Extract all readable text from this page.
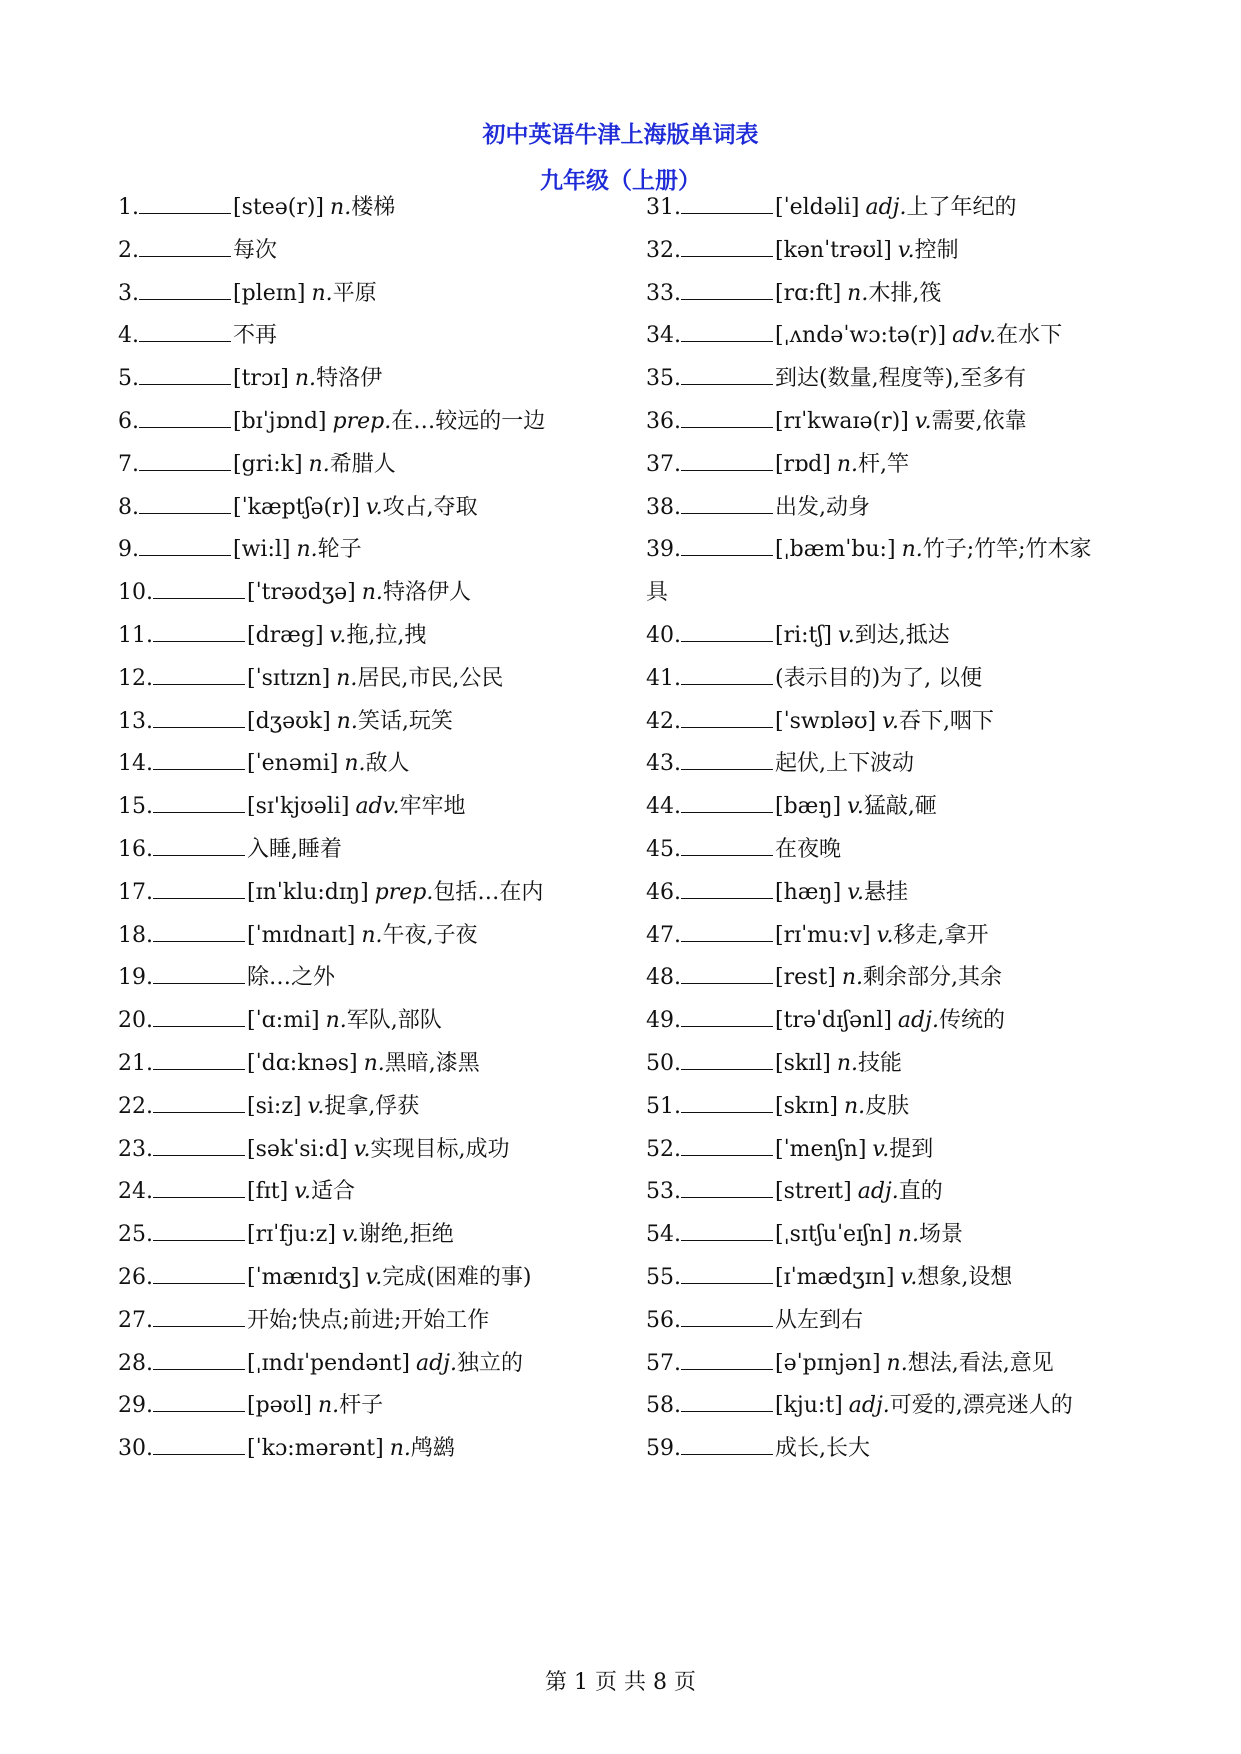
初中英语牛津上海版单词表
九年级（上册）
1.	[steə(r)] n.楼梯
2.	每次
3.	[pleɪn] n.平原
4.	不再
5.	[trɔɪ] n.特洛伊
6.	[bɪˈjɒnd] prep.在…较远的一边
7.	[gri:k] n.希腊人
8.	[ˈkæptʃə(r)] v.攻占,夺取
9.	[wi:l] n.轮子
10.	[ˈtrəʊdʒə] n.特洛伊人
11.	[dræg] v.拖,拉,拽
12.	[ˈsɪtɪzn] n.居民,市民,公民
13.	[dʒəʊk] n.笑话,玩笑
14.	[ˈenəmi] n.敌人
15.	[sɪ'kjʊəli] adv.牢牢地
16.	入睡,睡着
17.	[ɪnˈklu:dɪŋ] prep.包括…在内
18.	[ˈmɪdnaɪt] n.午夜,子夜
19.	除…之外
20.	[ˈɑ:mi] n.军队,部队
21.	[ˈdɑ:knəs] n.黑暗,漆黑
22.	[si:z] v.捉拿,俘获
23.	[səkˈsi:d] v.实现目标,成功
24.	[fɪt] v.适合
25.	[rɪˈfju:z] v.谢绝,拒绝
26.	[ˈmænɪdʒ] v.完成(困难的事)
27.	开始;快点;前进;开始工作
28.	[ˌɪndɪˈpendənt] adj.独立的
29.	[pəʊl] n.杆子
30.	[ˈkɔ:mərənt] n.鸬鹚
31.	[ˈeldəli] adj.上了年纪的
32.	[kənˈtrəʊl] v.控制
33.	[rɑ:ft] n.木排,筏
34.	[ˌʌndəˈwɔ:tə(r)] adv.在水下
35.	到达(数量,程度等),至多有
36.	[rɪˈkwaɪə(r)] v.需要,依靠
37.	[rɒd] n.杆,竿
38.	出发,动身
39.	[ˌbæmˈbu:] n.竹子;竹竿;竹木家具
40.	[ri:tʃ] v.到达,抵达
41.	(表示目的)为了, 以便
42.	[ˈswɒləʊ] v.吞下,咽下
43.	起伏,上下波动
44.	[bæŋ] v.猛敲,砸
45.	在夜晚
46.	[hæŋ] v.悬挂
47.	[rɪˈmu:v] v.移走,拿开
48.	[rest] n.剩余部分,其余
49.	[trəˈdɪʃənl] adj.传统的
50.	[skɪl] n.技能
51.	[skɪn] n.皮肤
52.	[ˈmenʃn] v.提到
53.	[streɪt] adj.直的
54.	[ˌsɪtʃuˈeɪʃn] n.场景
55.	[ɪˈmædʒɪn] v.想象,设想
56.	从左到右
57.	[əˈpɪnjən] n.想法,看法,意见
58.	[kju:t] adj.可爱的,漂亮迷人的
59.	成长,长大
第 1 页 共 8 页
